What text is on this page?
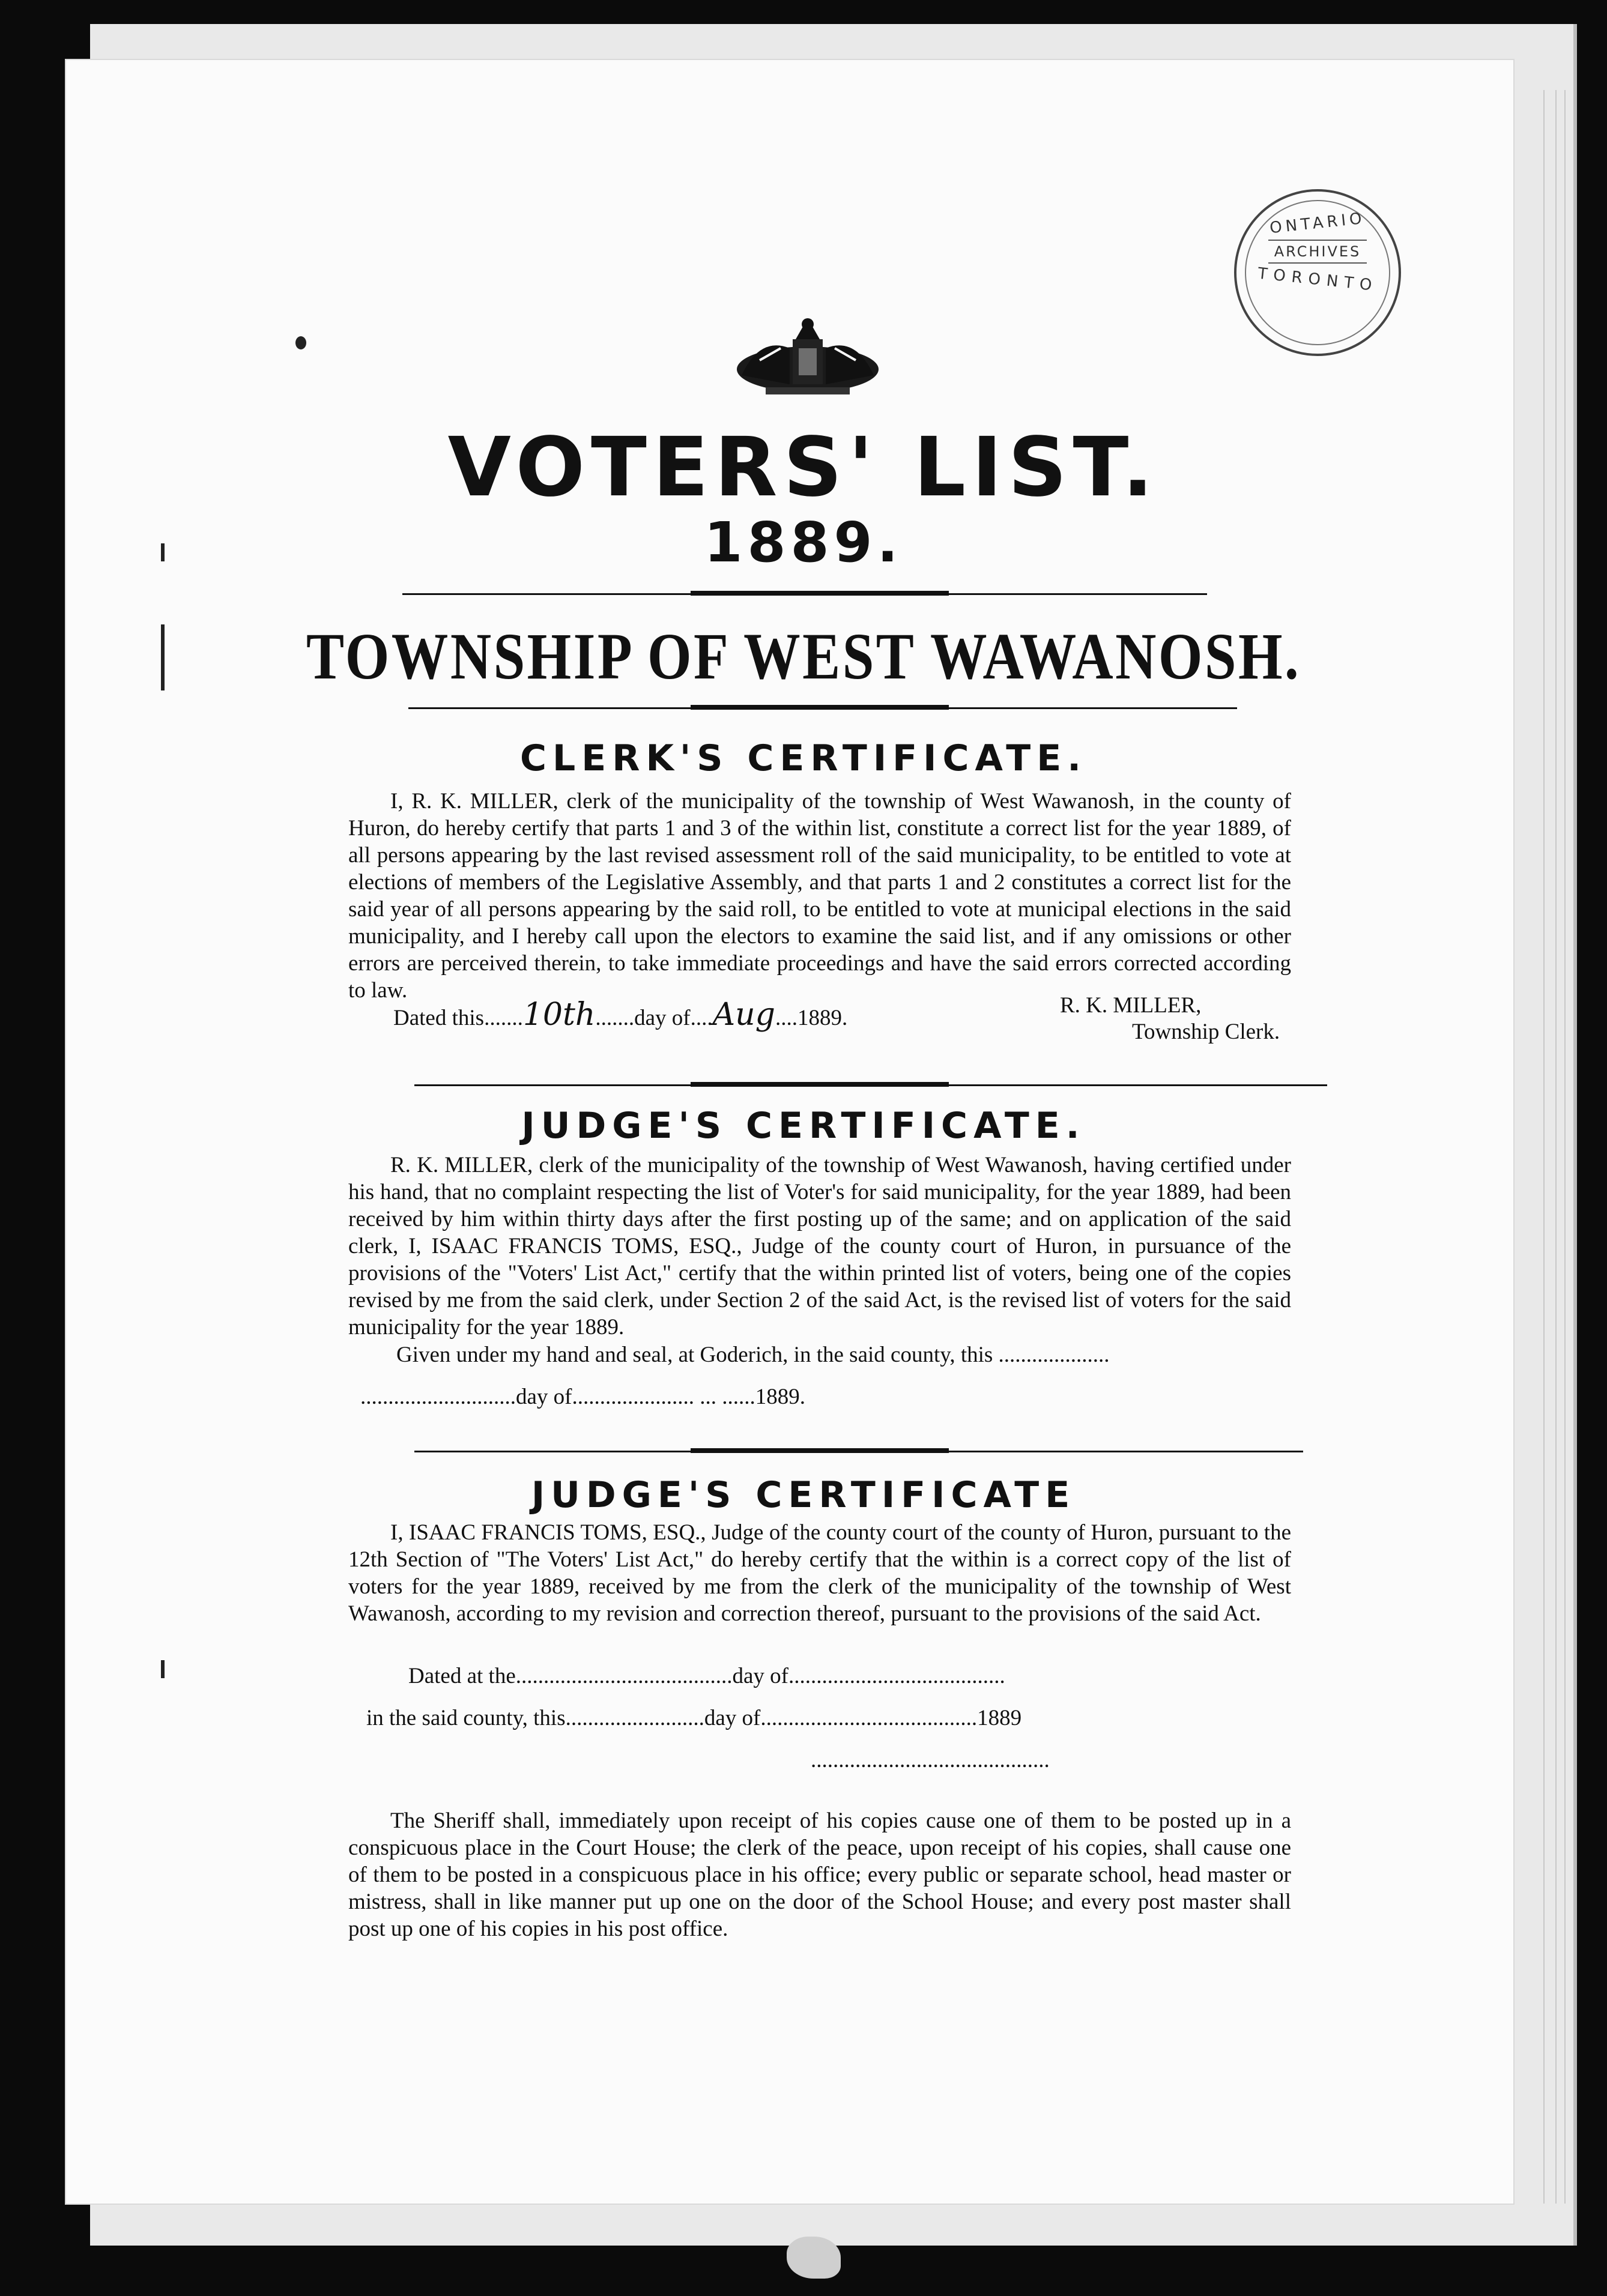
ONTARIO
ARCHIVES
TORONTO
VOTERS' LIST.
1889.
TOWNSHIP OF WEST WAWANOSH.
CLERK'S CERTIFICATE.
I, R. K. MILLER, clerk of the municipality of the township of West Wawanosh, in the county of Huron, do hereby certify that parts 1 and 3 of the within list, constitute a correct list for the year 1889, of all persons appearing by the last revised assessment roll of the said municipality, to be entitled to vote at elections of members of the Legislative Assembly, and that parts 1 and 2 constitutes a correct list for the said year of all persons appearing by the said roll, to be entitled to vote at municipal elections in the said municipality, and I hereby call upon the electors to examine the said list, and if any omissions or other errors are perceived therein, to take immediate proceedings and have the said errors corrected according to law.
Dated this.......10th.......day of....Aug....1889.
R. K. MILLER,
Township Clerk.
JUDGE'S CERTIFICATE.
R. K. MILLER, clerk of the municipality of the township of West Wawanosh, having certified under his hand, that no complaint respecting the list of Voter's for said municipality, for the year 1889, had been received by him within thirty days after the first posting up of the same; and on application of the said clerk, I, ISAAC FRANCIS TOMS, ESQ., Judge of the county court of Huron, in pursuance of the provisions of the "Voters' List Act," certify that the within printed list of voters, being one of the copies revised by me from the said clerk, under Section 2 of the said Act, is the revised list of voters for the said municipality for the year 1889.
Given under my hand and seal, at Goderich, in the said county, this ....................
............................day of...................... ... ......1889.
JUDGE'S CERTIFICATE
I, ISAAC FRANCIS TOMS, ESQ., Judge of the county court of the county of Huron, pursuant to the 12th Section of "The Voters' List Act," do hereby certify that the within is a correct copy of the list of voters for the year 1889, received by me from the clerk of the municipality of the township of West Wawanosh, according to my revision and correction thereof, pursuant to the provisions of the said Act.
Dated at the.......................................day of.......................................
in the said county, this.........................day of.......................................1889
...........................................
The Sheriff shall, immediately upon receipt of his copies cause one of them to be posted up in a conspicuous place in the Court House; the clerk of the peace, upon receipt of his copies, shall cause one of them to be posted in a conspicuous place in his office; every public or separate school, head master or mistress, shall in like manner put up one on the door of the School House; and every post master shall post up one of his copies in his post office.
